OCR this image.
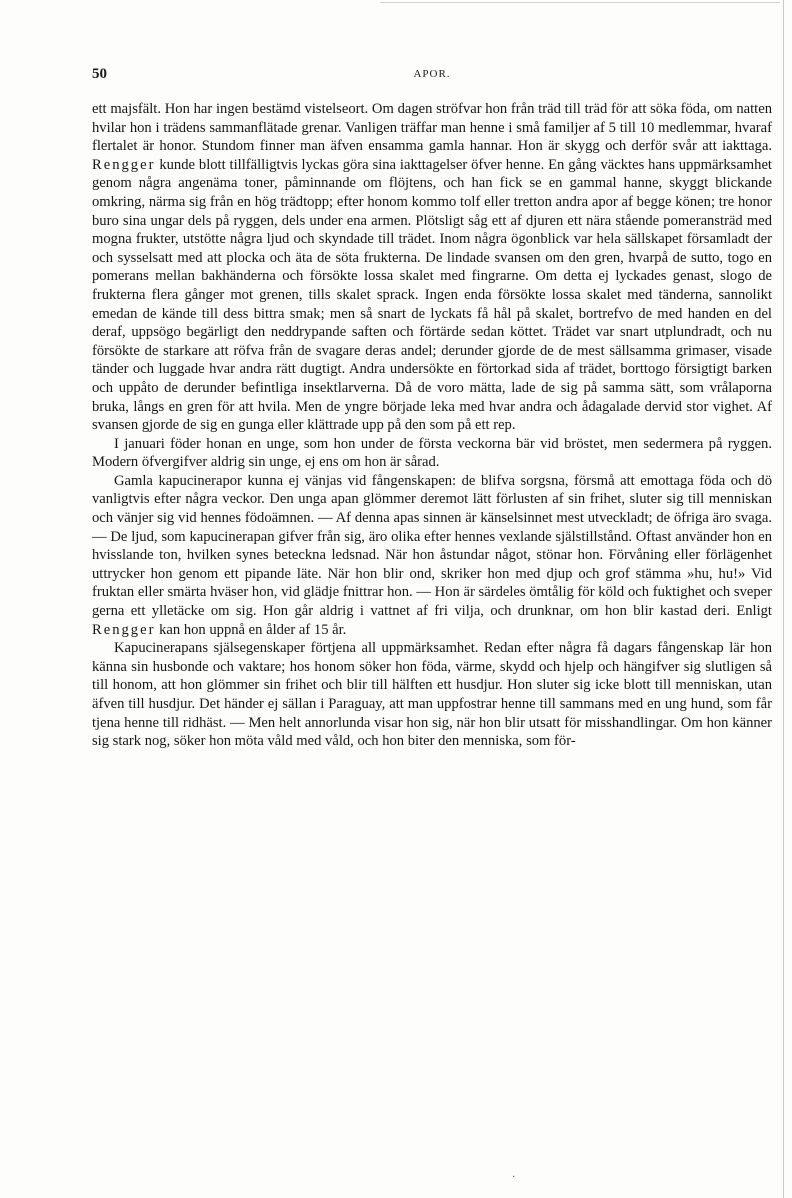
50	APOR.

ett majsfält. Hon har ingen bestämd vistelseort. Om dagen ströfvar hon från träd till träd för att söka föda, om natten hvilar hon i trädens sammanflätade grenar. Vanligen träffar man henne i små familjer af 5 till 10 medlemmar, hvaraf flertalet är honor. Stundom finner man äfven ensamma gamla hannar. Hon är skygg och derför svår att iakttaga. Rengger kunde blott tillfälligtvis lyckas göra sina iakttagelser öfver henne. En gång väcktes hans uppmärksamhet genom några angenäma toner, påminnande om flöjtens, och han fick se en gammal hanne, skyggt blickande omkring, närma sig från en hög trädtopp; efter honom kommo tolf eller tretton andra apor af begge könen; tre honor buro sina ungar dels på ryggen, dels under ena armen. Plötsligt såg ett af djuren ett nära stående pomeransträd med mogna frukter, utstötte några ljud och skyndade till trädet. Inom några ögonblick var hela sällskapet församladt der och sysselsatt med att plocka och äta de söta frukterna. De lindade svansen om den gren, hvarpå de sutto, togo en pomerans mellan bakhänderna och försökte lossa skalet med fingrarne. Om detta ej lyckades genast, slogo de frukterna flera gånger mot grenen, tills skalet sprack. Ingen enda försökte lossa skalet med tänderna, sannolikt emedan de kände till dess bittra smak; men så snart de lyckats få hål på skalet, bortrefvo de med handen en del deraf, uppsögo begärligt den neddrypande saften och förtärde sedan köttet. Trädet var snart utplundradt, och nu försökte de starkare att röfva från de svagare deras andel; derunder gjorde de de mest sällsamma grimaser, visade tänder och luggade hvar andra rätt dugtigt. Andra undersökte en förtorkad sida af trädet, borttogo försigtigt barken och uppåto de derunder befintliga insektlarverna. Då de voro mätta, lade de sig på samma sätt, som vrålaporna bruka, långs en gren för att hvila. Men de yngre började leka med hvar andra och ådagalade dervid stor vighet. Af svansen gjorde de sig en gunga eller klättrade upp på den som på ett rep.

I januari föder honan en unge, som hon under de första veckorna bär vid bröstet, men sedermera på ryggen. Modern öfvergifver aldrig sin unge, ej ens om hon är sårad.

Gamla kapucinerapor kunna ej vänjas vid fångenskapen: de blifva sorgsna, försmå att emottaga föda och dö vanligtvis efter några veckor. Den unga apan glömmer deremot lätt förlusten af sin frihet, sluter sig till menniskan och vänjer sig vid hennes födoämnen. — Af denna apas sinnen är känselsinnet mest utveckladt; de öfriga äro svaga. — De ljud, som kapucinerapan gifver från sig, äro olika efter hennes vexlande själstillstånd. Oftast använder hon en hvisslande ton, hvilken synes beteckna ledsnad. När hon åstundar något, stönar hon. Förvåning eller förlägenhet uttrycker hon genom ett pipande läte. När hon blir ond, skriker hon med djup och grof stämma »hu, hu!» Vid fruktan eller smärta hväser hon, vid glädje fnittrar hon. — Hon är särdeles ömtålig för köld och fuktighet och sveper gerna ett ylletäcke om sig. Hon går aldrig i vattnet af fri vilja, och drunknar, om hon blir kastad deri. Enligt Rengger kan hon uppnå en ålder af 15 år.

Kapucinerapans själsegenskaper förtjena all uppmärksamhet. Redan efter några få dagars fångenskap lär hon känna sin husbonde och vaktare; hos honom söker hon föda, värme, skydd och hjelp och hängifver sig slutligen så till honom, att hon glömmer sin frihet och blir till hälften ett husdjur. Hon sluter sig icke blott till menniskan, utan äfven till husdjur. Det händer ej sällan i Paraguay, att man uppfostrar henne till sammans med en ung hund, som får tjena henne till ridhäst. — Men helt annorlunda visar hon sig, när hon blir utsatt för misshandlingar. Om hon känner sig stark nog, söker hon möta våld med våld, och hon biter den menniska, som för-

·
